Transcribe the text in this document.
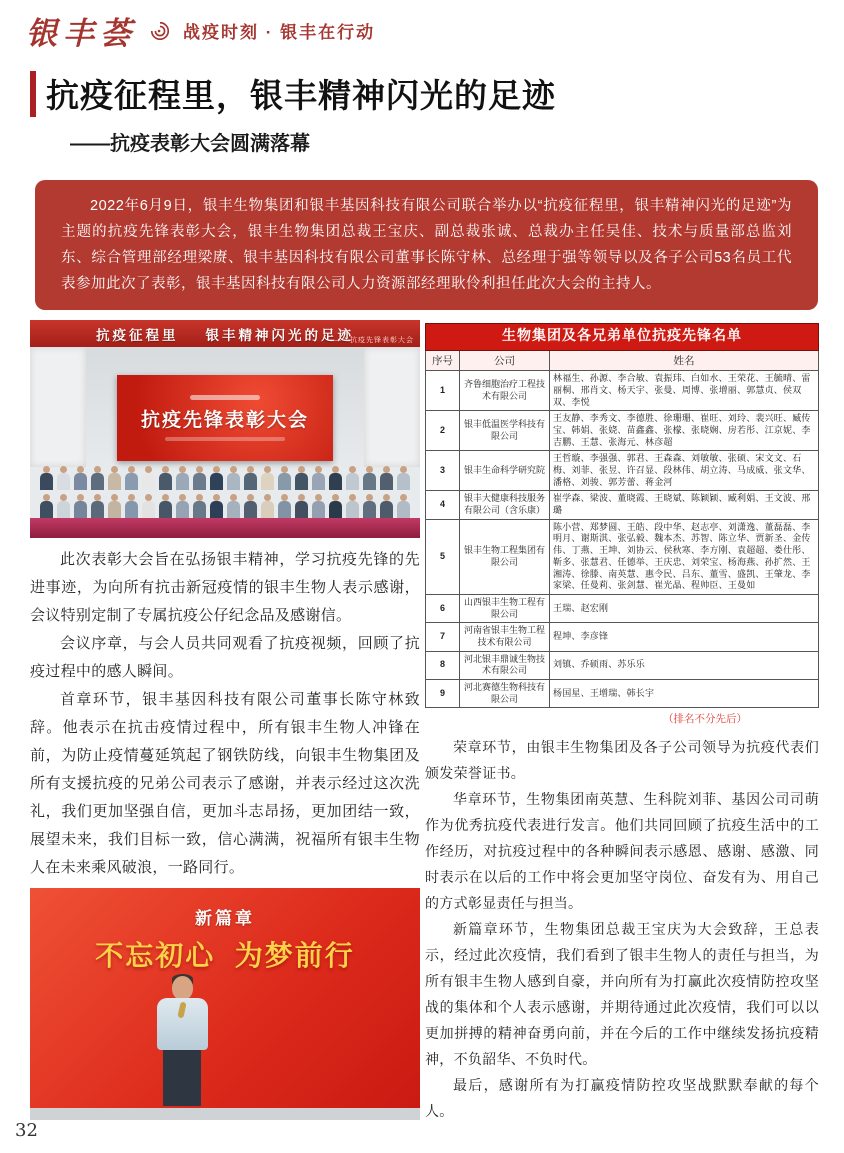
银丰荟	战疫时刻 · 银丰在行动
抗疫征程里，银丰精神闪光的足迹
——抗疫表彰大会圆满落幕

2022年6月9日，银丰生物集团和银丰基因科技有限公司联合举办以“抗疫征程里，银丰精神闪光的足迹”为主题的抗疫先锋表彰大会，银丰生物集团总裁王宝庆、副总裁张诚、总裁办主任吴佳、技术与质量部总监刘东、综合管理部经理梁赓、银丰基因科技有限公司董事长陈守林、总经理于强等领导以及各子公司53名员工代表参加此次了表彰，银丰基因科技有限公司人力资源部经理耿伶利担任此次大会的主持人。

抗疫征程里    银丰精神闪光的足迹
——抗疫先锋表彰大会
抗疫先锋表彰大会

此次表彰大会旨在弘扬银丰精神，学习抗疫先锋的先进事迹，为向所有抗击新冠疫情的银丰生物人表示感谢，会议特别定制了专属抗疫公仔纪念品及感谢信。

会议序章，与会人员共同观看了抗疫视频，回顾了抗疫过程中的感人瞬间。

首章环节，银丰基因科技有限公司董事长陈守林致辞。他表示在抗击疫情过程中，所有银丰生物人冲锋在前，为防止疫情蔓延筑起了钢铁防线，向银丰生物集团及所有支援抗疫的兄弟公司表示了感谢，并表示经过这次洗礼，我们更加坚强自信，更加斗志昂扬，更加团结一致，展望未来，我们目标一致，信心满满，祝福所有银丰生物人在未来乘风破浪，一路同行。

新篇章
不忘初心  为梦前行
生物集团及各兄弟单位抗疫先锋名单		
序号	公司	姓名
1	齐鲁细胞治疗工程技术有限公司	林福生、孙源、李合敏、袁振玮、白如水、王荣花、王毓晴、雷丽桐、邢肖文、杨天宇、张曼、周博、张增丽、郭慧贞、侯双双、李悦
2	银丰低温医学科技有限公司	王友静、李秀文、李德胜、徐珊珊、崔旺、刘玲、裴兴旺、臧传宝、韩娟、张娆、苗鑫鑫、张檬、张晓娴、房若彤、江京妮、李吉鹏、王慧、张海元、林彦超
3	银丰生命科学研究院	王哲璇、李强强、郭君、王森森、刘敏敏、张硕、宋文文、石梅、刘菲、张昱、许召显、段林伟、胡立涛、马成威、张文华、潘格、刘骏、郭芳蕾、蒋金河
4	银丰大健康科技服务有限公司（含乐康）	崔学森、梁波、董晓霞、王晓斌、陈颖颖、臧利娟、王文波、邢璐
5	银丰生物工程集团有限公司	陈小营、郑梦圆、王皓、段中华、赵志亭、刘潇逸、董磊磊、李明月、谢斯淇、张弘毅、魏本杰、苏智、陈立华、贾新圣、金传伟、丁燕、王坤、刘协云、侯秋寒、李方刚、袁超超、娄仕彤、靳多、张慧君、任德举、王庆忠、刘荣宝、杨海燕、孙扩然、王湘涛、徐滕、南英慧、惠令民、吕东、董雪、盛凯、王肇龙、李家梁、任曼莉、张剑慧、崔光晶、程帅臣、王曼如
6	山西银丰生物工程有限公司	王瑞、赵宏刚
7	河南省银丰生物工程技术有限公司	程坤、李彦锋
8	河北银丰鼎诚生物技术有限公司	刘镇、乔硕雨、苏乐乐
9	河北赛德生物科技有限公司	杨国星、王增瑞、韩长宇
（排名不分先后）

荣章环节，由银丰生物集团及各子公司领导为抗疫代表们颁发荣誉证书。

华章环节，生物集团南英慧、生科院刘菲、基因公司司萌作为优秀抗疫代表进行发言。他们共同回顾了抗疫生活中的工作经历，对抗疫过程中的各种瞬间表示感恩、感谢、感激、同时表示在以后的工作中将会更加坚守岗位、奋发有为、用自己的方式彰显责任与担当。

新篇章环节，生物集团总裁王宝庆为大会致辞，王总表示，经过此次疫情，我们看到了银丰生物人的责任与担当，为所有银丰生物人感到自豪，并向所有为打赢此次疫情防控攻坚战的集体和个人表示感谢，并期待通过此次疫情，我们可以以更加拼搏的精神奋勇向前，并在今后的工作中继续发扬抗疫精神，不负韶华、不负时代。

最后，感谢所有为打赢疫情防控攻坚战默默奉献的每个人。

32
